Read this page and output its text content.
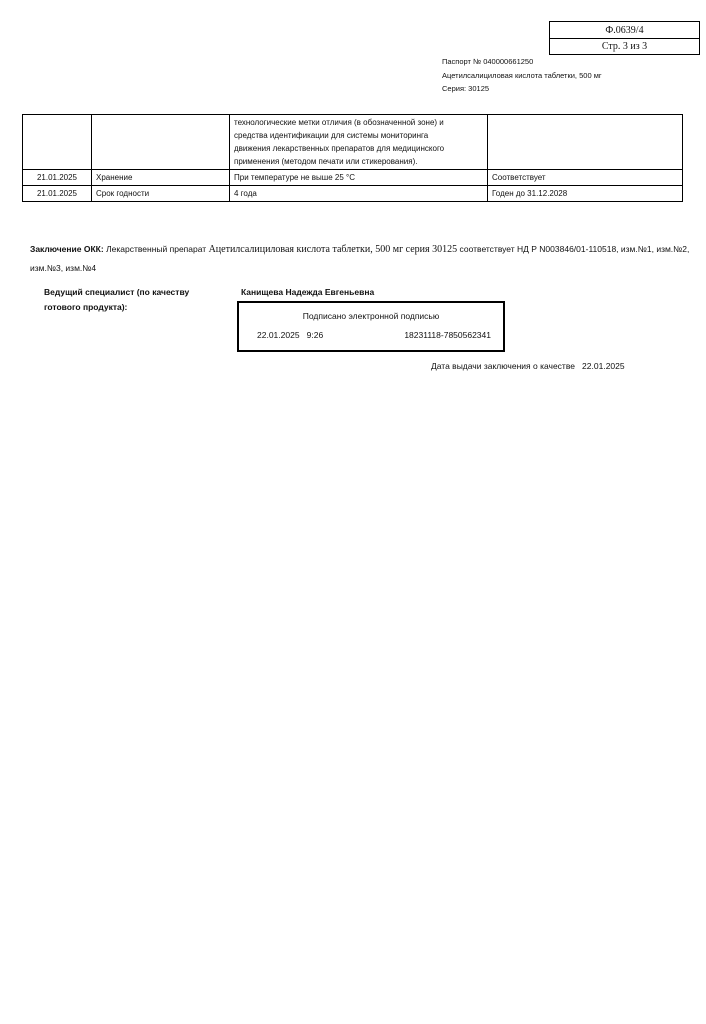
Ф.0639/4
Стр. 3 из 3
Паспорт № 040000661250
Ацетилсалициловая кислота таблетки, 500 мг
Серия: 30125
		технологические метки отличия (в обозначенной зоне) и средства идентификации для системы мониторинга движения лекарственных препаратов для медицинского применения (методом печати или стикерования).	
21.01.2025	Хранение	При температуре не выше 25 °С	Соответствует
21.01.2025	Срок годности	4 года	Годен до 31.12.2028
Заключение ОКК: Лекарственный препарат Ацетилсалициловая кислота таблетки, 500 мг серия 30125 соответствует НД Р N003846/01-110518, изм.№1, изм.№2, изм.№3, изм.№4
Ведущий специалист (по качеству готового продукта):
Канищева Надежда Евгеньевна
Подписано электронной подписью
22.01.2025   9:26	18231118-7850562341
Дата выдачи заключения о качестве   22.01.2025
